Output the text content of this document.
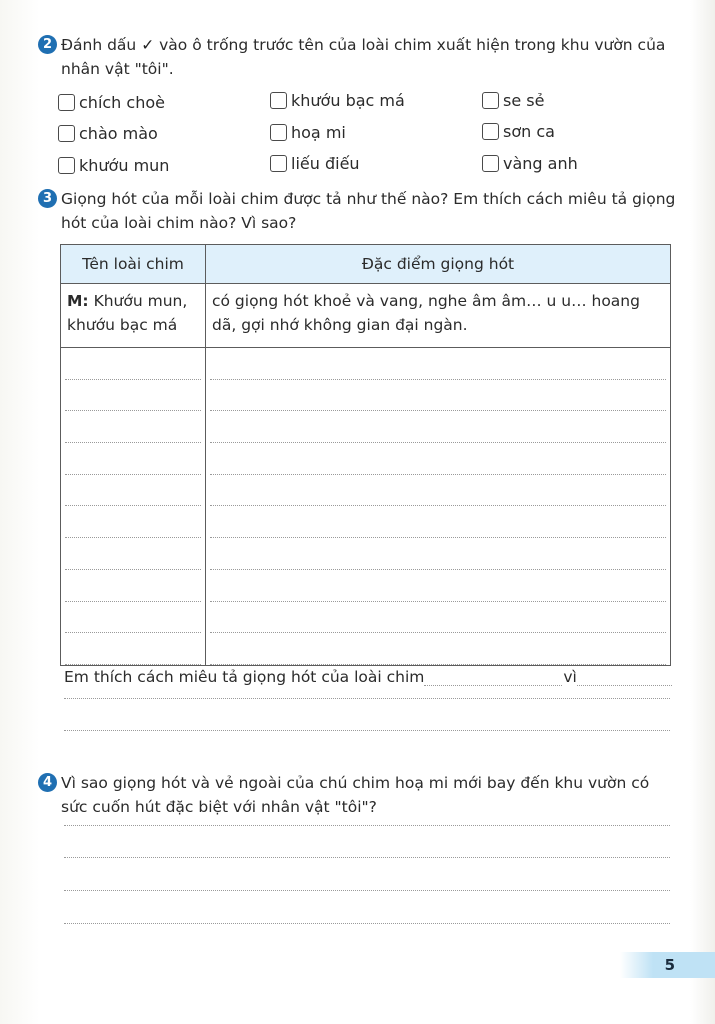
2 Đánh dấu ✓ vào ô trống trước tên của loài chim xuất hiện trong khu vườn của nhân vật "tôi".
chích choè	khướu bạc má	se sẻ
chào mào	hoạ mi	sơn ca
khướu mun	liếu điếu	vàng anh
3 Giọng hót của mỗi loài chim được tả như thế nào? Em thích cách miêu tả giọng hót của loài chim nào? Vì sao?
Tên loài chim	Đặc điểm giọng hót
M: Khướu mun, khướu bạc má	có giọng hót khoẻ và vang, nghe âm âm… u u… hoang dã, gợi nhớ không gian đại ngàn.

Em thích cách miêu tả giọng hót của loài chim	vì
4 Vì sao giọng hót và vẻ ngoài của chú chim hoạ mi mới bay đến khu vườn có sức cuốn hút đặc biệt với nhân vật "tôi"?
5
